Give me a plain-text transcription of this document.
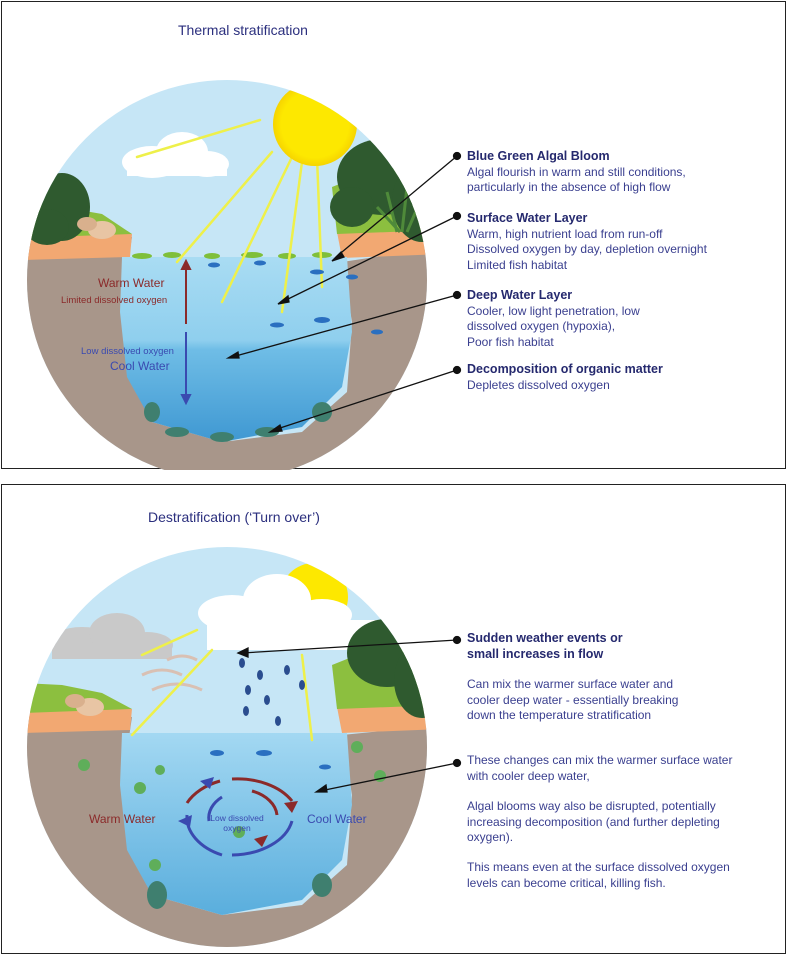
Thermal stratification
Warm Water
Limited dissolved oxygen
Low dissolved oxygen
Cool Water
Blue Green Algal Bloom
Algal flourish in warm and still conditions,
particularly in the absence of high flow
Surface Water Layer
Warm, high nutrient load from run-off
Dissolved oxygen by day, depletion overnight
Limited fish habitat
Deep Water Layer
Cooler, low light penetration, low
dissolved oxygen (hypoxia),
Poor fish habitat
Decomposition of organic matter
Depletes dissolved oxygen
Destratification (‘Turn over’)
Warm Water	Cool Water
Low dissolved
oxygen
Sudden weather events or
small increases in flow
Can mix the warmer surface water and
cooler deep water - essentially breaking
down the temperature stratification
These changes can mix the warmer surface water
with cooler deep water,
Algal blooms way also be disrupted, potentially
increasing decomposition (and further depleting
oxygen).
This means even at the surface dissolved oxygen
levels can become critical, killing fish.
